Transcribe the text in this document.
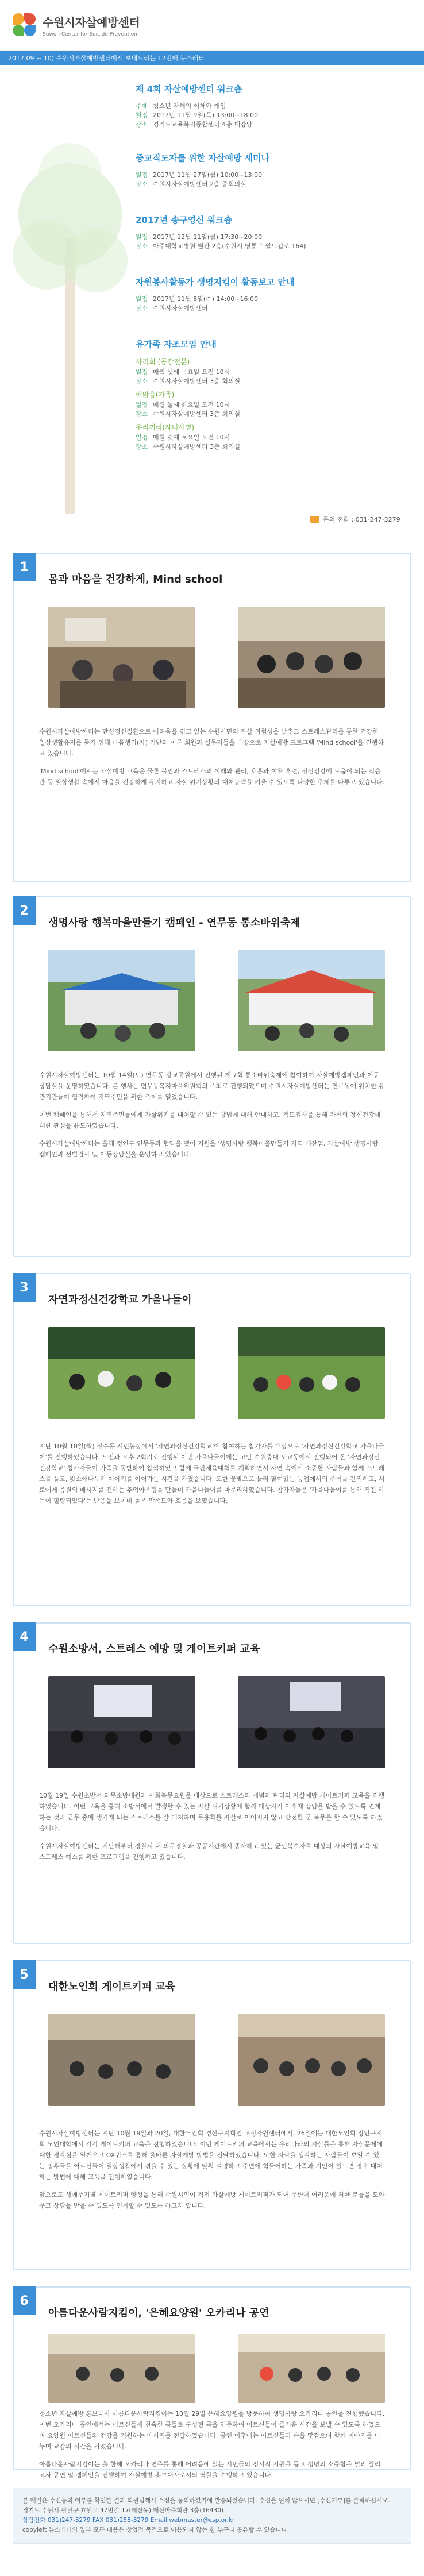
수원시자살예방센터
Suwon Center for Suicide Prevention
2017.09 ~ 10) 수원시자살예방센터에서 보내드리는 12번째 뉴스레터
제 4회 자살예방센터 워크숍
주제 청소년 자해의 이해와 개입
일정 2017년 11월 9일(목) 13:00~18:00
장소 경기도교육복지종합센터 4층 대강당
중교직도자를 위한 자살예방 세미나
일정 2017년 11월 27일(월) 10:00~13:00
장소 수원시자살예방센터 2층 중회의실
2017년 송구영신 워크숍
일정 2017년 12월 11일(월) 17:30~20:00
장소 아주대학교병원 별관 2층(수원시 영통구 월드컵로 164)
자원봉사활동가 생명지킴이 활동보고 안내
일정 2017년 11월 8일(수) 14:00~16:00
장소 수원시자살예방센터
유가족 자조모임 안내
사리회 (공감전문)
일정 매월 셋째 목요일 오전 10시
장소 수원시자살예방센터 3층 회의실
해맑음(가족)
일정 매월 둘째 화요일 오전 10시
장소 수원시자살예방센터 3층 회의실
우리끼리(자녀사별)
일정 매월 넷째 토요일 오전 10시
장소 수원시자살예방센터 3층 회의실
문의 전화 : 031-247-3279
1
몸과 마음을 건강하게, Mind school

수원시자살예방센터는 만성정신질환으로 어려움을 겪고 있는 수원시민의 자살 위험성을 낮추고 스트레스관리를 통한 건강한 일상생활유지를 돕기 위해 마음챙김(자) 기반의 이론 회원과 실무자들을 대상으로 자살예방 프로그램 'Mind school'을 진행하고 있습니다.

'Mind school'에서는 자살예방 교육은 물론 불안과 스트레스의 이해와 관리, 호흡과 이완 훈련, 정신건강에 도움이 되는 식습관 등 일상생활 속에서 마음을 건강하게 유지하고 자살 위기상황의 대처능력을 키울 수 있도록 다양한 주제를 다루고 있습니다.

2
생명사랑 행복마을만들기 캠페인 - 연무동 통소바위축제

수원시자살예방센터는 10월 14일(토) 연무동 광교공원에서 진행된 제 7회 통소바위축제에 참여하여 자살예방캠페인과 이동상담실을 운영하였습니다. 본 행사는 연무동복지마을위원회의 주최로 진행되었으며 수원시자살예방센터는 연무동에 위치한 유관기관들이 협력하여 지역주민을 위한 축제를 열었습니다.

이번 캠페인을 통해서 지역주민들에게 자살위기를 대처할 수 있는 방법에 대해 안내하고, 적도검사를 통해 자신의 정신건강에 대한 관심을 유도하였습니다.

수원시자살예방센터는 올해 정연구 연무동과 협약을 맺어 지원을 '생명사랑 행복마을만들기 지역 대산업, 자살예방 생명사랑 캠페인과 선별검사 및 이동상담실을 운영하고 있습니다.

3
자연과정신건강학교 가을나들이

지난 10월 10일(월) 장수동 시민농장에서 '자연과정신건강학교'에 참여하는 참가자를 대상으로 '자연과정신건강학교 가을나들이'를 진행하였습니다. 오전과 오후 2회기로 진행된 이번 가을나들이에는 고단 수원중대 도교동에서 진행되어 온 '자연과정신건강학교' 참가자들이 가족을 동반하여 참석하였고 함께 들판체육대회를 계획하면서 자연 속에서 소중한 사람들과 함께 스트레스를 풀고, 왓소애나누기 이야기를 이어가는 시간을 가졌습니다. 또한 꽃밭으로 들러 팔여있는 농업에서의 주석을 간직하고, 서로에게 응원의 메시지를 전하는 추억아우팅을 만들며 가을나들이를 마무리하였습니다. 참가자들은 '가을나들이를 통해 직진 하는이 힐링되었다'는 반응을 보이며 높은 만족도와 호응을 보였습니다.

4
수원소방서, 스트레스 예방 및 게이트키퍼 교육

10월 19일 수원소방서 의무소방대원과 사회복무요원을 대상으로 스트레스의 개념과 관리와 자살예방 게이트키퍼 교육을 진행하였습니다. 이번 교육을 통해 소방서에서 발생할 수 있는 자살 위기상황에 함께 대상자가 이후에 상담을 받을 수 있도록 연계하는 것과 근무 중에 생기게 되는 스트레스를 잘 대처하며 무용화를 자살로 이어지지 않고 안전한 군 복무를 할 수 있도록 하였습니다.

수원시자살예방센터는 지난해부터 경찰서 내 의무경찰과 공공기관에서 종사하고 있는 군인복수자를 대상의 자살예방교육 및 스트레스 예소를 위한 프로그램을 진행하고 있습니다.

5
대한노인회 게이트키퍼 교육

수원시자살예방센터는 지난 10월 19일과 20일, 대한노인회 경산구지회인 교정자원센터에서, 26일에는 대한노인회 장안구지회 노인대학에서 각각 게이트키퍼 교육을 진행하였습니다. 이번 게이트키퍼 교육에서는 우리나라의 자살률을 통해 자살문제에 대한 경각심을 일깨우고 OX퀴즈를 통해 올바른 자살예방 방법을 전달하였습니다. 또한 자살을 생각하는 사람들이 보일 수 있는 징후들을 어르신들이 일상생활에서 겪을 수 있는 상황에 맞춰 설명하고 주변에 힘들어하는 가족과 지인이 있으면 경우 대처하는 방법에 대해 교육을 진행하였습니다.

앞으로도 생애주기별 게이트키퍼 양성을 통해 수원시민이 직접 자살예방 게이트키퍼가 되어 주변에 어려움에 처한 분들을 도와주고 상담을 받을 수 있도록 연계할 수 있도록 하고자 합니다.

6
아름다운사람지킴이, '은혜요양원' 오카리나 공연

청소년 자살예방 홍보대사 아름다운사람지킴이는 10월 29일 은혜요양원을 방문하여 생명사랑 오카리나 공연을 진행했습니다. 이번 오카리나 공연에서는 어르신들께 친숙한 곡들로 구성된 곡을 연주하여 어르신들이 즐거운 시간을 보낼 수 있도록 하였으며 요양원 어르신들의 건강을 기원하는 메시지를 전달하였습니다. 공연 이후에는 어르신들과 손을 맞잡으며 함께 이야기를 나누며 교감의 시간을 가졌습니다.

아름다운사람지킴이는 올 한해 오카리나 연주를 통해 어려움에 있는 시민들의 정서적 지원을 돕고 생명의 소중함을 널리 알리고자 공연 및 캠페인을 진행하여 자살예방 홍보대사로서의 역할을 수행하고 있습니다.

본 메일은 수신동의 여부를 확인한 결과 회원님께서 수신을 동의하셨기에 발송되었습니다. 수신을 원치 않으시면 [수신거부]를 클릭하십시오.
경기도 수원시 팔달구 효원로 47번길 17(매산동) 매산마을회관 3층(16430)
상담전화 031)247-3279 FAX 031)258-3279 Email webmaster@csp.or.kr
copyleft 뉴스레터의 일부 모든 내용은 상업적 목적으로 이용되지 않는 한 누구나 공유할 수 있습니다.
